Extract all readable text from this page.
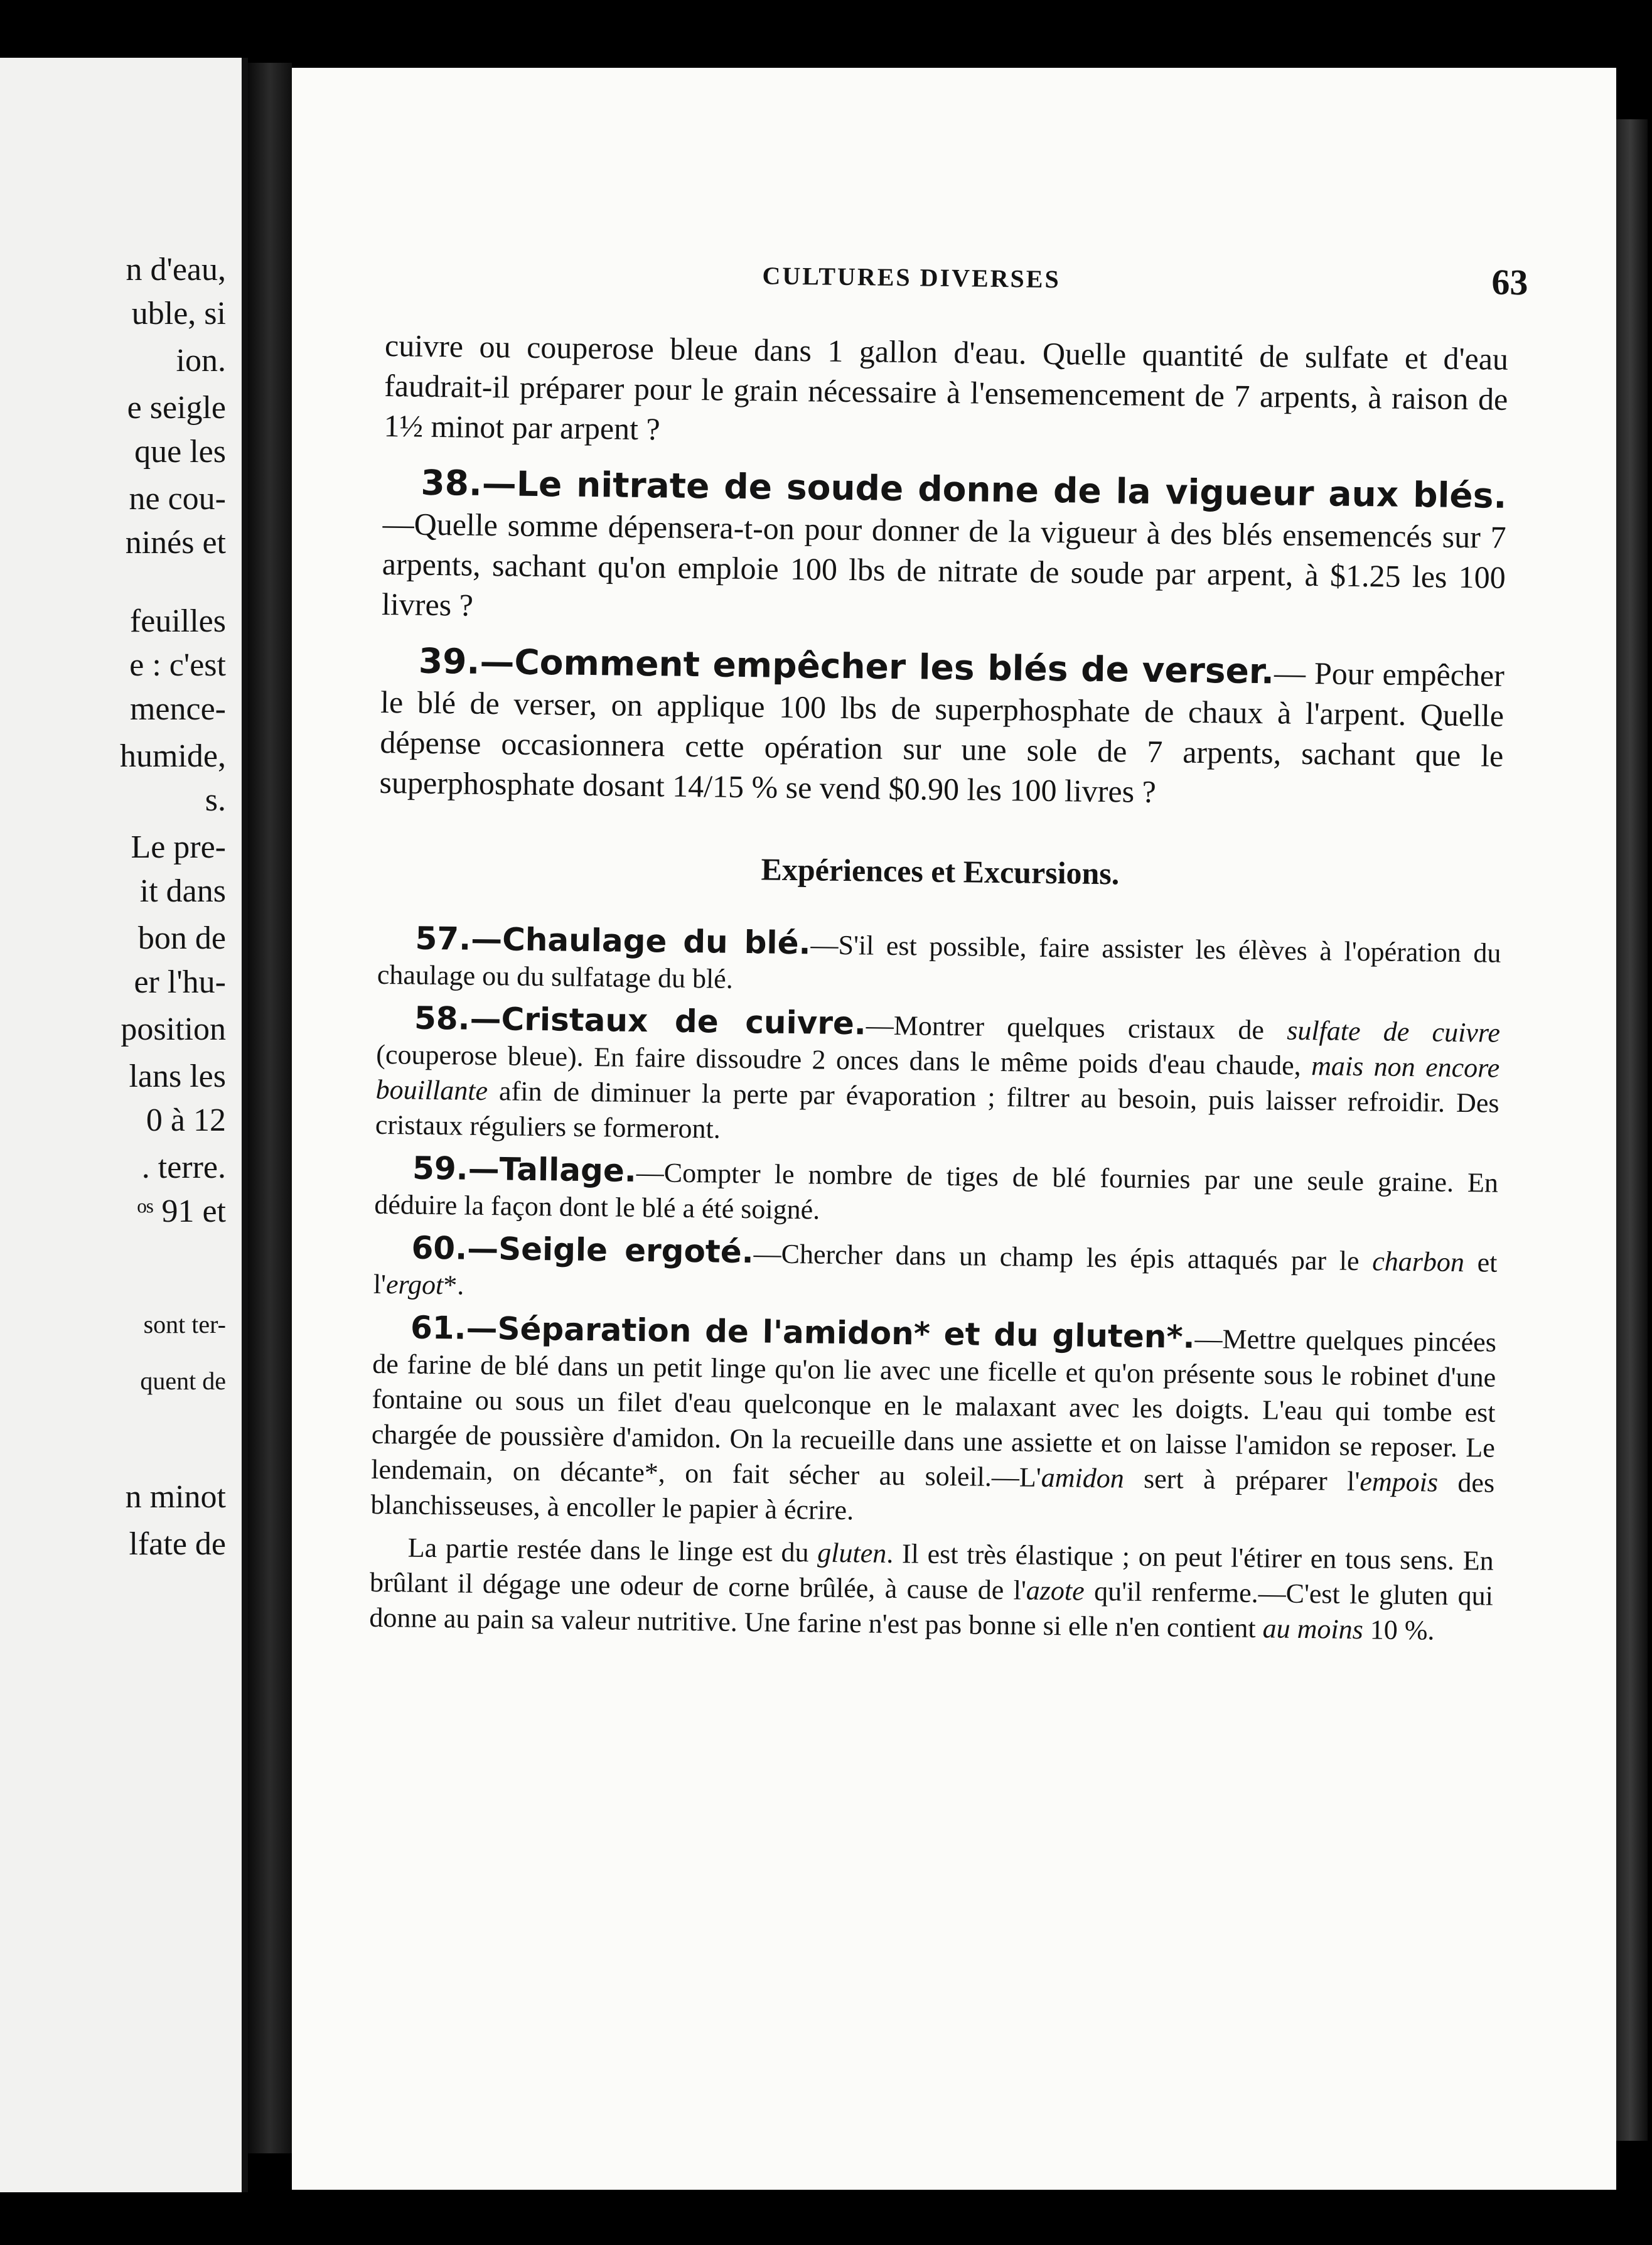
n d'eau,
uble, si
ion.
e seigle
que les
ne cou-
ninés et
feuilles
e : c'est
mence-
humide,
s.
Le pre-
it dans
bon de
er l'hu-
position
lans les
0 à 12
. terre.
ᵒˢ 91 et
sont ter-
quent de
n minot
lfate de
CULTURES DIVERSES	63

cuivre ou couperose bleue dans 1 gallon d'eau. Quelle quantité de sulfate et d'eau faudrait-il préparer pour le grain nécessaire à l'ensemencement de 7 arpents, à raison de 1½ minot par arpent ?

38.—Le nitrate de soude donne de la vigueur aux blés.—Quelle somme dépensera-t-on pour donner de la vigueur à des blés ensemencés sur 7 arpents, sachant qu'on emploie 100 lbs de nitrate de soude par arpent, à $1.25 les 100 livres ?

39.—Comment empêcher les blés de verser.— Pour empêcher le blé de verser, on applique 100 lbs de superphosphate de chaux à l'arpent. Quelle dépense occasionnera cette opération sur une sole de 7 arpents, sachant que le superphosphate dosant 14/15 % se vend $0.90 les 100 livres ?

Expériences et Excursions.

57.—Chaulage du blé.—S'il est possible, faire assister les élèves à l'opération du chaulage ou du sulfatage du blé.

58.—Cristaux de cuivre.—Montrer quelques cristaux de sulfate de cuivre (couperose bleue). En faire dissoudre 2 onces dans le même poids d'eau chaude, mais non encore bouillante afin de diminuer la perte par évaporation ; filtrer au besoin, puis laisser refroidir. Des cristaux réguliers se formeront.

59.—Tallage.—Compter le nombre de tiges de blé fournies par une seule graine. En déduire la façon dont le blé a été soigné.

60.—Seigle ergoté.—Chercher dans un champ les épis attaqués par le charbon et l'ergot*.

61.—Séparation de l'amidon* et du gluten*.—Mettre quelques pincées de farine de blé dans un petit linge qu'on lie avec une ficelle et qu'on présente sous le robinet d'une fontaine ou sous un filet d'eau quelconque en le malaxant avec les doigts. L'eau qui tombe est chargée de poussière d'amidon. On la recueille dans une assiette et on laisse l'amidon se reposer. Le lendemain, on décante*, on fait sécher au soleil.—L'amidon sert à préparer l'empois des blanchisseuses, à encoller le papier à écrire.

La partie restée dans le linge est du gluten. Il est très élastique ; on peut l'étirer en tous sens. En brûlant il dégage une odeur de corne brûlée, à cause de l'azote qu'il renferme.—C'est le gluten qui donne au pain sa valeur nutritive. Une farine n'est pas bonne si elle n'en contient au moins 10 %.
